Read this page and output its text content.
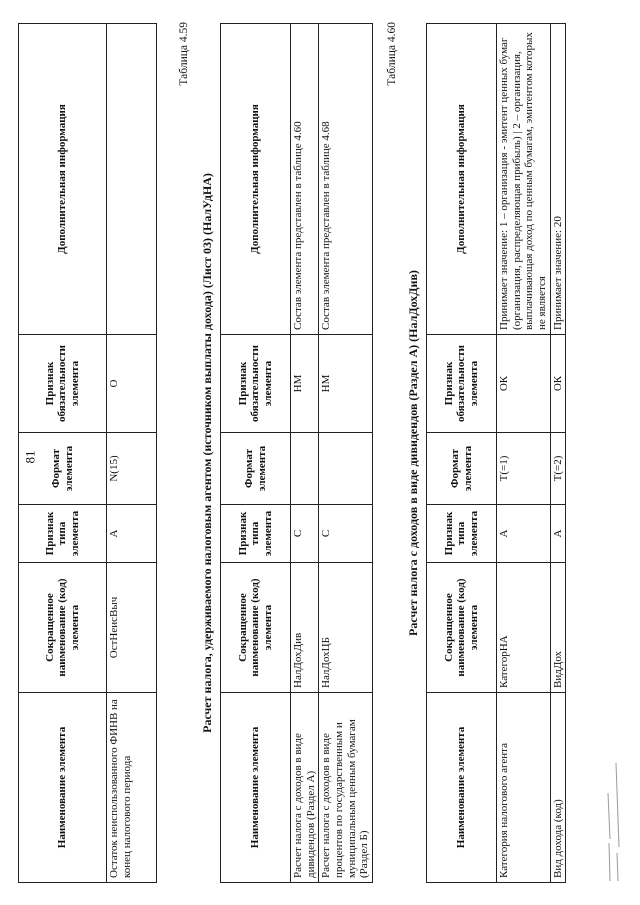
81
Наименование элемента	Сокращенное наименование (код) элемента	Признак типа элемента	Формат элемента	Признак обязательности элемента	Дополнительная информация
Остаток неиспользованного ФИНВ на конец налогового периода	ОстНеисВыч	А	N(15)	О	
Таблица 4.59
Расчет налога, удерживаемого налоговым агентом (источником выплаты дохода) (Лист 03) (НалУдНА)
Наименование элемента	Сокращенное наименование (код) элемента	Признак типа элемента	Формат элемента	Признак обязательности элемента	Дополнительная информация
Расчет налога с доходов в виде дивидендов (Раздел А)	НалДохДив	С		НМ	Состав элемента представлен в таблице 4.60
Расчет налога с доходов в виде процентов по государственным и муниципальным ценным бумагам (Раздел Б)	НалДохЦБ	С		НМ	Состав элемента представлен в таблице 4.68
Таблица 4.60
Расчет налога с доходов в виде дивидендов (Раздел А) (НалДохДив)
Наименование элемента	Сокращенное наименование (код) элемента	Признак типа элемента	Формат элемента	Признак обязательности элемента	Дополнительная информация
Категория налогового агента	КатегорНА	А	T(=1)	ОК	Принимает значение: 1 – организация - эмитент ценных бумаг (организация, распределяющая прибыль) | 2 – организация, выплачивающая доход по ценным бумагам, эмитентом которых не является
Вид дохода (код)	ВидДох	А	T(=2)	ОК	Принимает значение: 20
